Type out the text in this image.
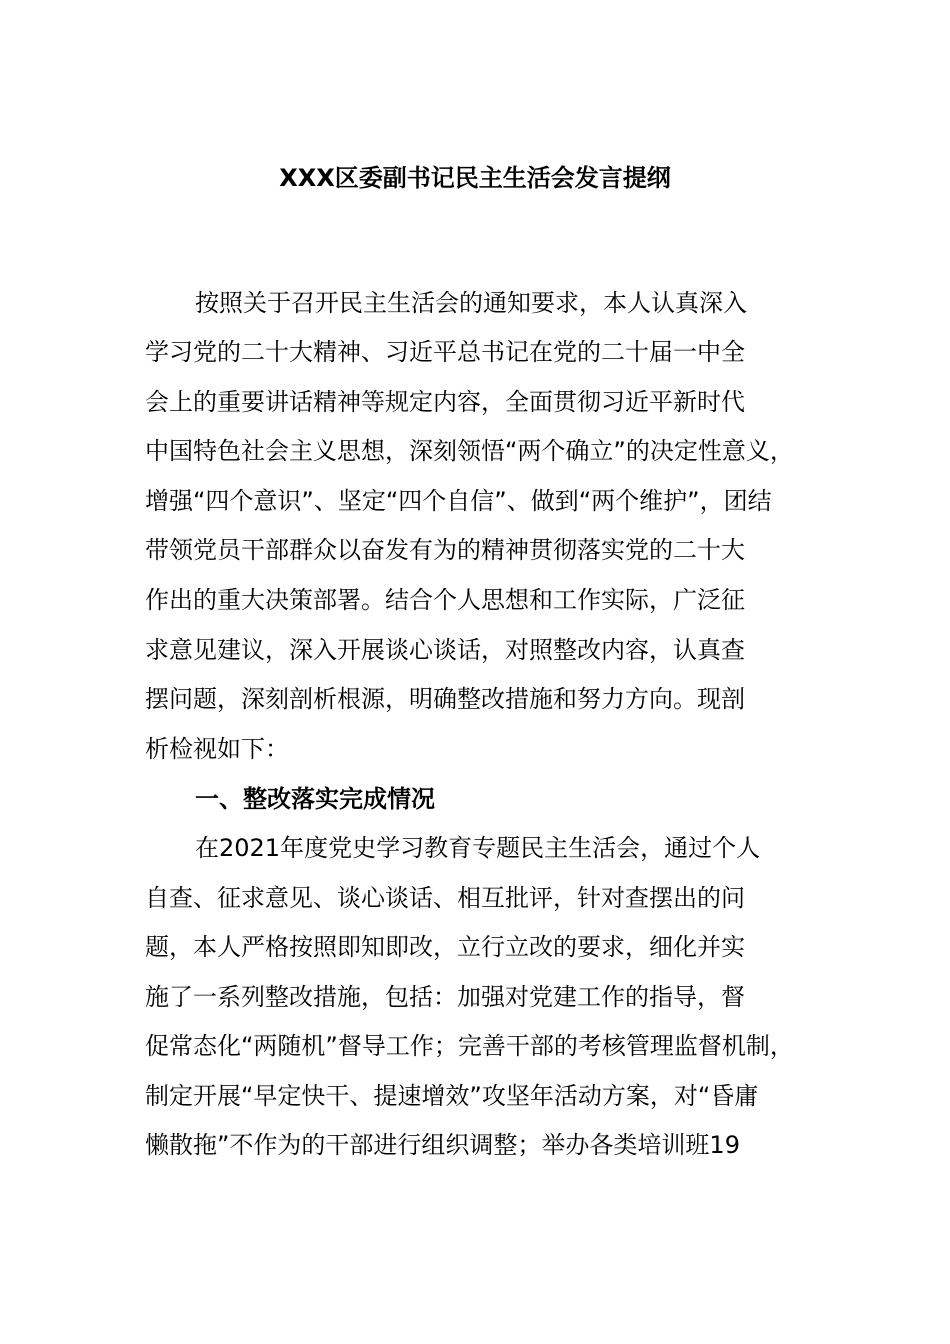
XXX区委副书记民主生活会发言提纲
按照关于召开民主生活会的通知要求，本人认真深入
学习党的二十大精神、习近平总书记在党的二十届一中全
会上的重要讲话精神等规定内容，全面贯彻习近平新时代
中国特色社会主义思想，深刻领悟“两个确立”的决定性意义，
增强“四个意识”、坚定“四个自信”、做到“两个维护”，团结
带领党员干部群众以奋发有为的精神贯彻落实党的二十大
作出的重大决策部署。结合个人思想和工作实际，广泛征
求意见建议，深入开展谈心谈话，对照整改内容，认真查
摆问题，深刻剖析根源，明确整改措施和努力方向。现剖
析检视如下：
一、整改落实完成情况
在2021年度党史学习教育专题民主生活会，通过个人
自查、征求意见、谈心谈话、相互批评，针对查摆出的问
题，本人严格按照即知即改，立行立改的要求，细化并实
施了一系列整改措施，包括：加强对党建工作的指导，督
促常态化“两随机”督导工作；完善干部的考核管理监督机制，
制定开展“早定快干、提速增效”攻坚年活动方案，对“昏庸
懒散拖”不作为的干部进行组织调整；举办各类培训班19
